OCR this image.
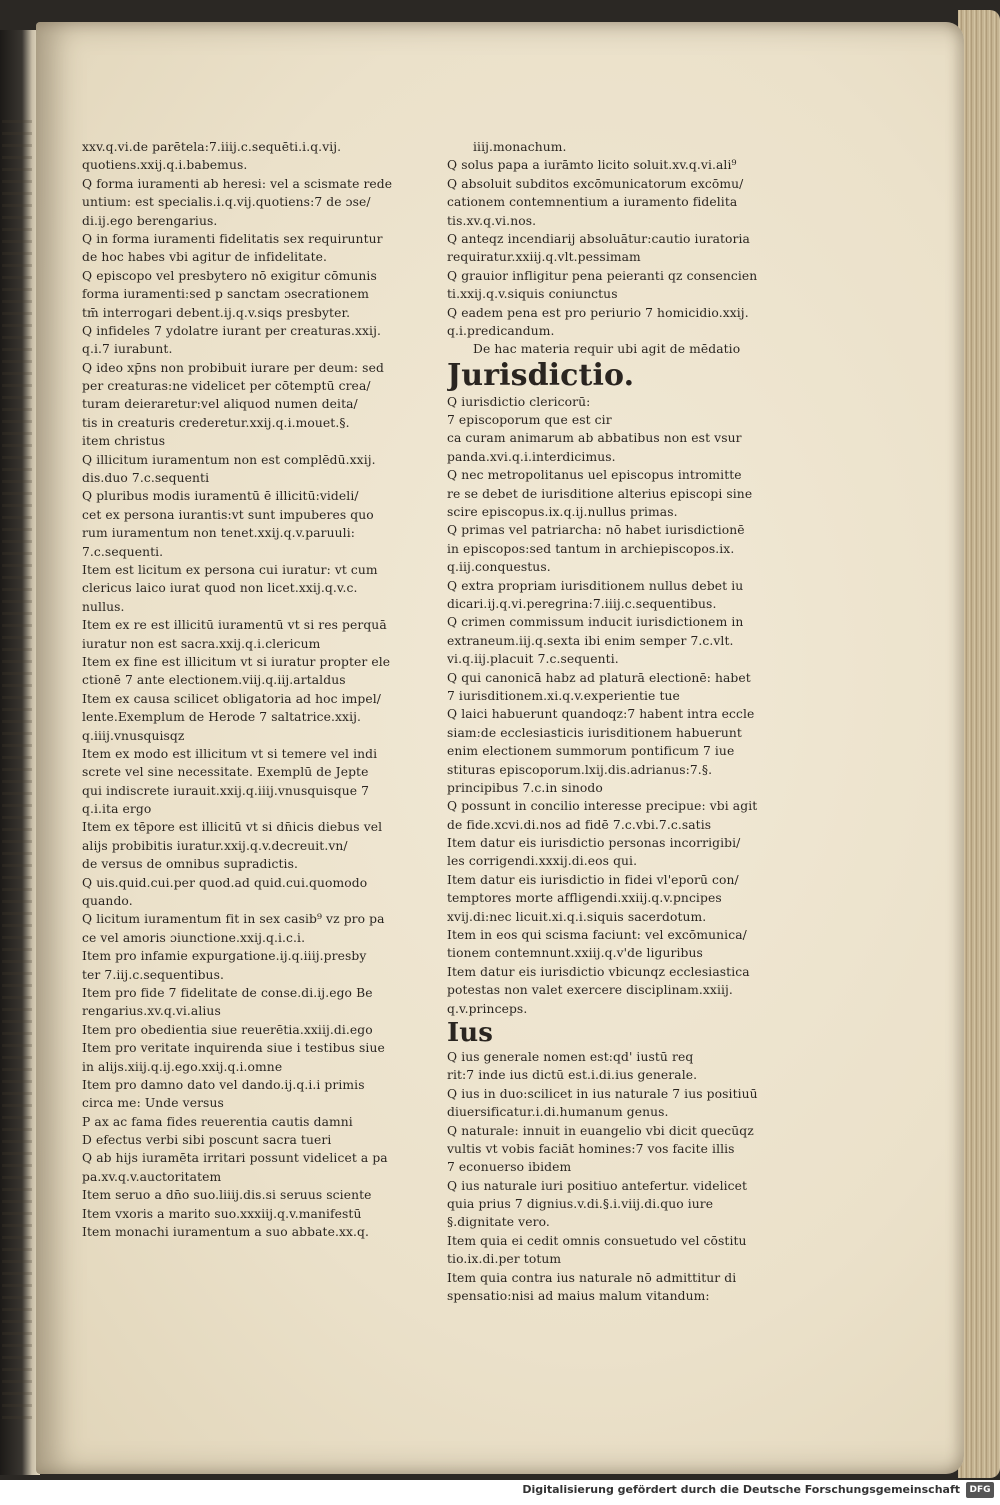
xxv.q.vi.de parētela:7.iiij.c.sequēti.i.q.vij.
quotiens.xxij.q.i.babemus.
Q forma iuramenti ab heresi: vel a scismate rede
untium: est specialis.i.q.vij.quotiens:7 de ɔse/
di.ij.ego berengarius.
Q in forma iuramenti fidelitatis sex requiruntur
de hoc habes vbi agitur de infidelitate.
Q episcopo vel presbytero nō exigitur cōmunis
forma iuramenti:sed p sanctam ɔsecrationem
tm̄ interrogari debent.ij.q.v.siqs presbyter.
Q infideles 7 ydolatre iurant per creaturas.xxij.
q.i.7 iurabunt.
Q ideo xp̄ns non probibuit iurare per deum: sed
per creaturas:ne videlicet per cōtemptū crea/
turam deieraretur:vel aliquod numen deita/
tis in creaturis crederetur.xxij.q.i.mouet.§.
item christus
Q illicitum iuramentum non est complēdū.xxij.
dis.duo 7.c.sequenti
Q pluribus modis iuramentū ē illicitū:videli/
cet ex persona iurantis:vt sunt impuberes quo
rum iuramentum non tenet.xxij.q.v.paruuli:
7.c.sequenti.
Item est licitum ex persona cui iuratur: vt cum
clericus laico iurat quod non licet.xxij.q.v.c.
nullus.
Item ex re est illicitū iuramentū vt si res perquā
iuratur non est sacra.xxij.q.i.clericum
Item ex fine est illicitum vt si iuratur propter ele
ctionē 7 ante electionem.viij.q.iij.artaldus
Item ex causa scilicet obligatoria ad hoc impel/
lente.Exemplum de Herode 7 saltatrice.xxij.
q.iiij.vnusquisqz
Item ex modo est illicitum vt si temere vel indi
screte vel sine necessitate. Exemplū de Jepte
qui indiscrete iurauit.xxij.q.iiij.vnusquisque 7
q.i.ita ergo
Item ex tēpore est illicitū vt si dn̄icis diebus vel
alijs probibitis iuratur.xxij.q.v.decreuit.vn/
de versus de omnibus supradictis.
Q uis.quid.cui.per quod.ad quid.cui.quomodo
quando.
Q licitum iuramentum fit in sex casib⁹ vz pro pa
ce vel amoris ɔiunctione.xxij.q.i.c.i.
Item pro infamie expurgatione.ij.q.iiij.presby
ter 7.iij.c.sequentibus.
Item pro fide 7 fidelitate de conse.di.ij.ego Be
rengarius.xv.q.vi.alius
Item pro obedientia siue reuerētia.xxiij.di.ego
Item pro veritate inquirenda siue i testibus siue
in alijs.xiij.q.ij.ego.xxij.q.i.omne
Item pro damno dato vel dando.ij.q.i.i primis
circa me: Unde versus
P ax ac fama fides reuerentia cautis damni
D efectus verbi sibi poscunt sacra tueri
Q ab hijs iuramēta irritari possunt videlicet a pa
pa.xv.q.v.auctoritatem
Item seruo a dn̄o suo.liiij.dis.si seruus sciente
Item vxoris a marito suo.xxxiij.q.v.manifestū
Item monachi iuramentum a suo abbate.xx.q.
iiij.monachum.
Q solus papa a iurāmto licito soluit.xv.q.vi.ali⁹
Q absoluit subditos excōmunicatorum excōmu/
cationem contemnentium a iuramento fidelita
tis.xv.q.vi.nos.
Q anteqz incendiarij absoluātur:cautio iuratoria
requiratur.xxiij.q.vlt.pessimam
Q grauior infligitur pena peieranti qz consencien
ti.xxij.q.v.siquis coniunctus
Q eadem pena est pro periurio 7 homicidio.xxij.
q.i.predicandum.
De hac materia requir ubi agit de mēdatio
Jurisdictio.
Q iurisdictio clericorū:
7 episcoporum que est cir
ca curam animarum ab abbatibus non est vsur
panda.xvi.q.i.interdicimus.
Q nec metropolitanus uel episcopus intromitte
re se debet de iurisditione alterius episcopi sine
scire episcopus.ix.q.ij.nullus primas.
Q primas vel patriarcha: nō habet iurisdictionē
in episcopos:sed tantum in archiepiscopos.ix.
q.iij.conquestus.
Q extra propriam iurisditionem nullus debet iu
dicari.ij.q.vi.peregrina:7.iiij.c.sequentibus.
Q crimen commissum inducit iurisdictionem in
extraneum.iij.q.sexta ibi enim semper 7.c.vlt.
vi.q.iij.placuit 7.c.sequenti.
Q qui canonicā habz ad platurā electionē: habet
7 iurisditionem.xi.q.v.experientie tue
Q laici habuerunt quandoqz:7 habent intra eccle
siam:de ecclesiasticis iurisditionem habuerunt
enim electionem summorum pontificum 7 iue
stituras episcoporum.lxij.dis.adrianus:7.§.
principibus 7.c.in sinodo
Q possunt in concilio interesse precipue: vbi agit
de fide.xcvi.di.nos ad fidē 7.c.vbi.7.c.satis
Item datur eis iurisdictio personas incorrigibi/
les corrigendi.xxxij.di.eos qui.
Item datur eis iurisdictio in fidei vl'eporū con/
temptores morte affligendi.xxiij.q.v.pncipes
xvij.di:nec licuit.xi.q.i.siquis sacerdotum.
Item in eos qui scisma faciunt: vel excōmunica/
tionem contemnunt.xxiij.q.v'de liguribus
Item datur eis iurisdictio vbicunqz ecclesiastica
potestas non valet exercere disciplinam.xxiij.
q.v.princeps.
Ius
Q ius generale nomen est:qd' iustū req
rit:7 inde ius dictū est.i.di.ius generale.
Q ius in duo:scilicet in ius naturale 7 ius positiuū
diuersificatur.i.di.humanum genus.
Q naturale: innuit in euangelio vbi dicit quecūqz
vultis vt vobis faciāt homines:7 vos facite illis
7 econuerso ibidem
Q ius naturale iuri positiuo antefertur. videlicet
quia prius 7 dignius.v.di.§.i.viij.di.quo iure
§.dignitate vero.
Item quia ei cedit omnis consuetudo vel cōstitu
tio.ix.di.per totum
Item quia contra ius naturale nō admittitur di
spensatio:nisi ad maius malum vitandum:
Digitalisierung gefördert durch die Deutsche Forschungsgemeinschaft	DFG
